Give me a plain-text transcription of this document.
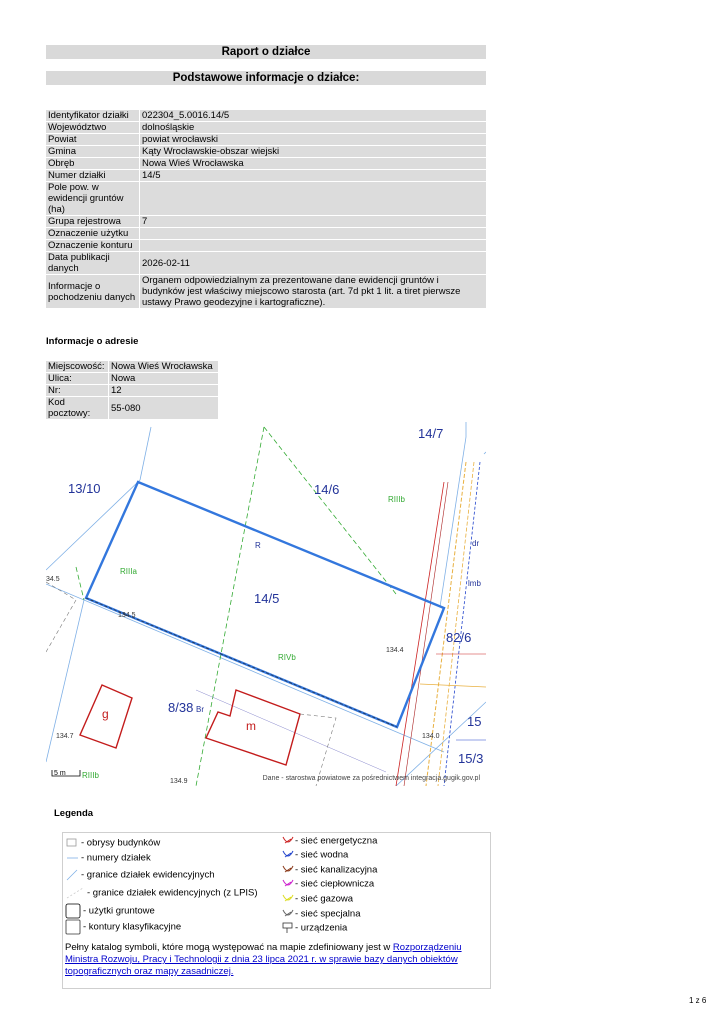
Raport o działce
Podstawowe informacje o działce:
Identyfikator działki	022304_5.0016.14/5
Województwo	dolnośląskie
Powiat	powiat wrocławski
Gmina	Kąty Wrocławskie-obszar wiejski
Obręb	Nowa Wieś Wrocławska
Numer działki	14/5
Pole pow. w ewidencji gruntów (ha)	
Grupa rejestrowa	7
Oznaczenie użytku	
Oznaczenie konturu	
Data publikacji danych	2026-02-11
Informacje o pochodzeniu danych	Organem odpowiedzialnym za prezentowane dane ewidencji gruntów i budynków jest właściwy miejscowo starosta (art. 7d pkt 1 lit. a tiret pierwsze ustawy Prawo geodezyjne i kartograficzne).
Informacje o adresie
Miejscowość:	Nowa Wieś Wrocławska
Ulica:	Nowa
Nr:	12
Kod pocztowy:	55-080
14/7
13/10	14/6
14/5
82/6
8/38
15
15/3
RIIIb
RIIIa
RIVb
RIIIb
R
Br
dr
lmb
g
m
34.5
134.5
134.4
134.7
134.9
134.0
5 m
Dane - starostwa powiatowe za pośrednictwem integracja.gugik.gov.pl
Legenda
- obrysy budynków
- numery działek
- granice działek ewidencyjnych
- granice działek ewidencyjnych (z LPIS)
- użytki gruntowe
- kontury klasyfikacyjne
- sieć energetyczna
- sieć wodna
- sieć kanalizacyjna
- sieć ciepłownicza
- sieć gazowa
- sieć specjalna
- urządzenia
Pełny katalog symboli, które mogą występować na mapie zdefiniowany jest w Rozporządzeniu Ministra Rozwoju, Pracy i Technologii z dnia 23 lipca 2021 r. w sprawie bazy danych obiektów topograficznych oraz mapy zasadniczej.
1 z 6
